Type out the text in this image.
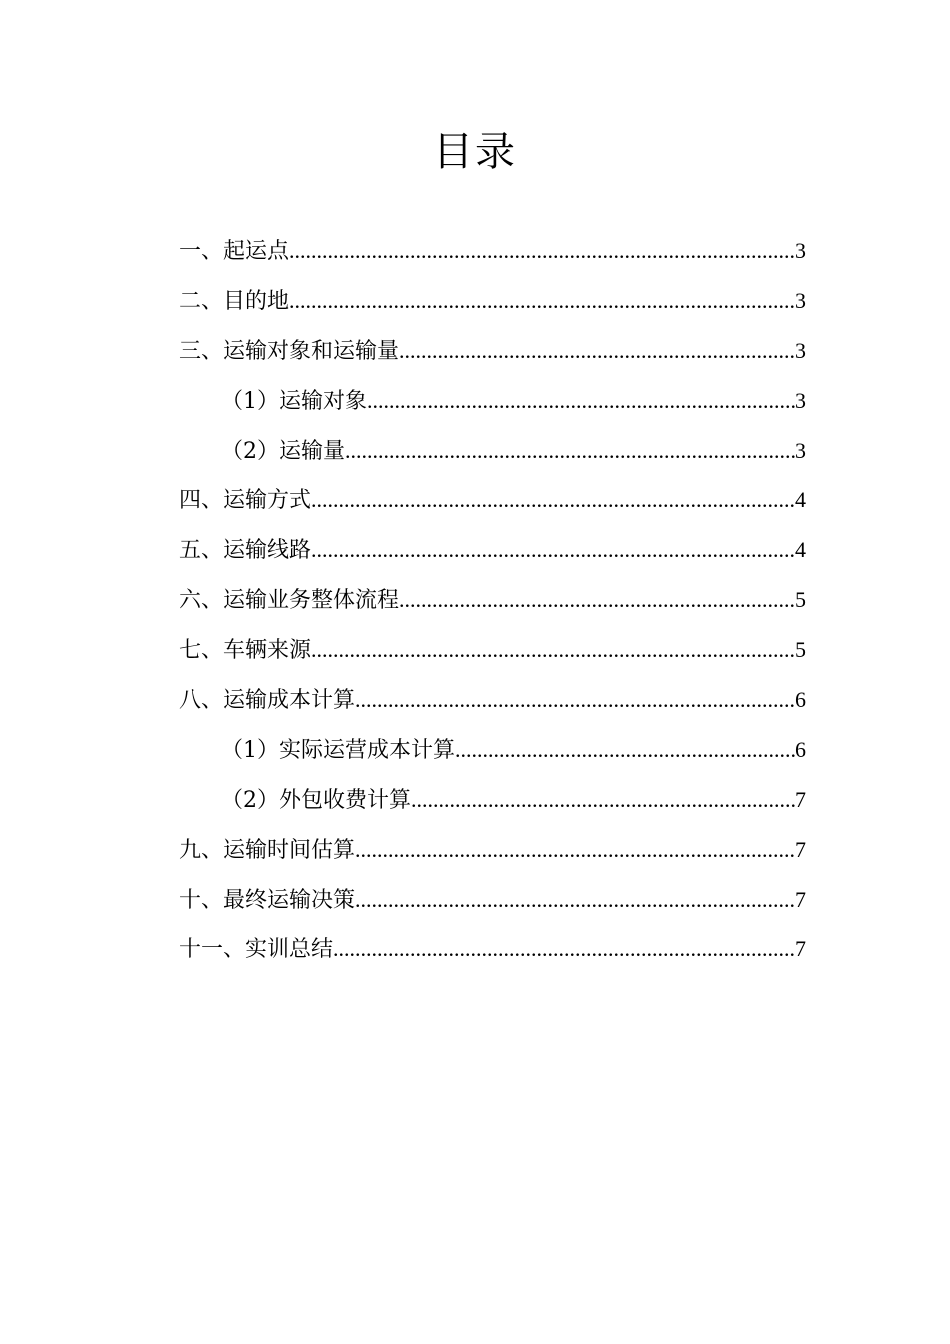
目录
一、起运点 .....	3
二、目的地 .....	3
三、运输对象和运输量 .....	3
（1）运输对象 .....	3
（2）运输量 .....	3
四、运输方式 .....	4
五、运输线路 .....	4
六、运输业务整体流程 .....	5
七、车辆来源 .....	5
八、运输成本计算 .....	6
（1）实际运营成本计算 .....	6
（2）外包收费计算 .....	7
九、运输时间估算 .....	7
十、最终运输决策 .....	7
十一、实训总结 .....	7
